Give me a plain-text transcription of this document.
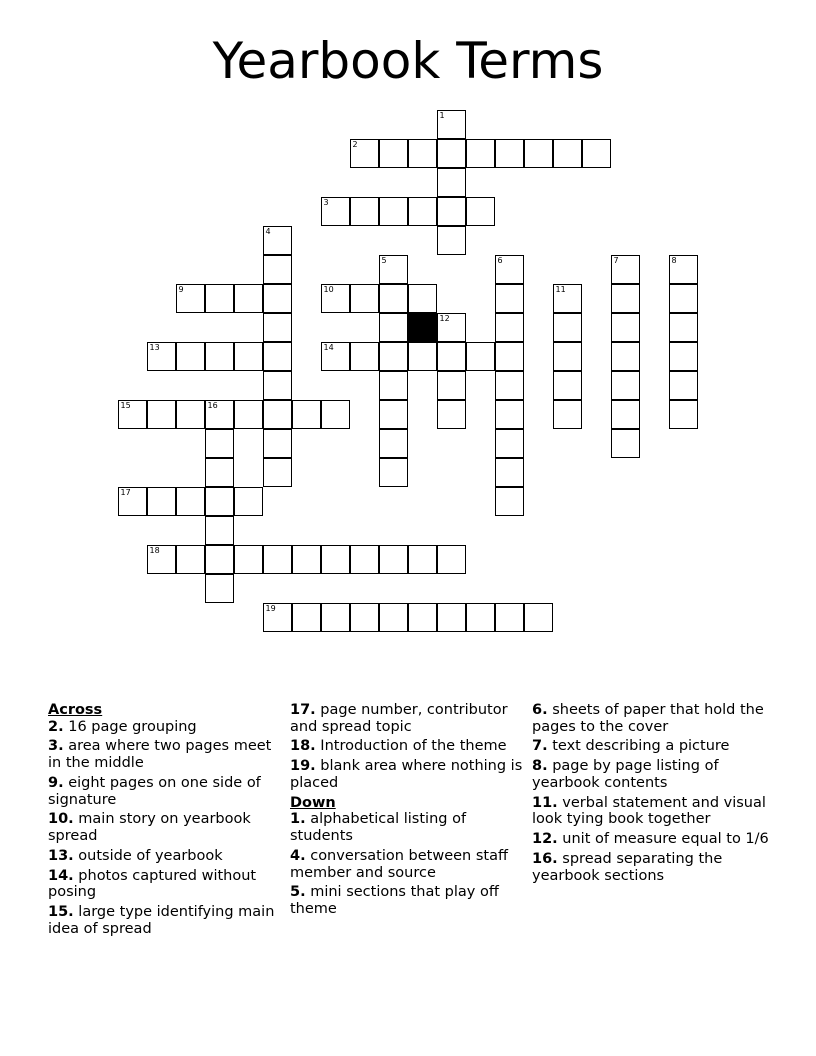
Yearbook Terms
1
2
3
4
5	6	7	8
9	10	11
12
13	14
15	16
17
18
19
Across
2. 16 page grouping
3. area where two pages meet in the middle
9. eight pages on one side of signature
10. main story on yearbook spread
13. outside of yearbook
14. photos captured without posing
15. large type identifying main idea of spread
17. page number, contributor and spread topic
18. Introduction of the theme
19. blank area where nothing is placed
Down
1. alphabetical listing of students
4. conversation between staff member and source
5. mini sections that play off theme
6. sheets of paper that hold the pages to the cover
7. text describing a picture
8. page by page listing of yearbook contents
11. verbal statement and visual look tying book together
12. unit of measure equal to 1/6
16. spread separating the yearbook sections
